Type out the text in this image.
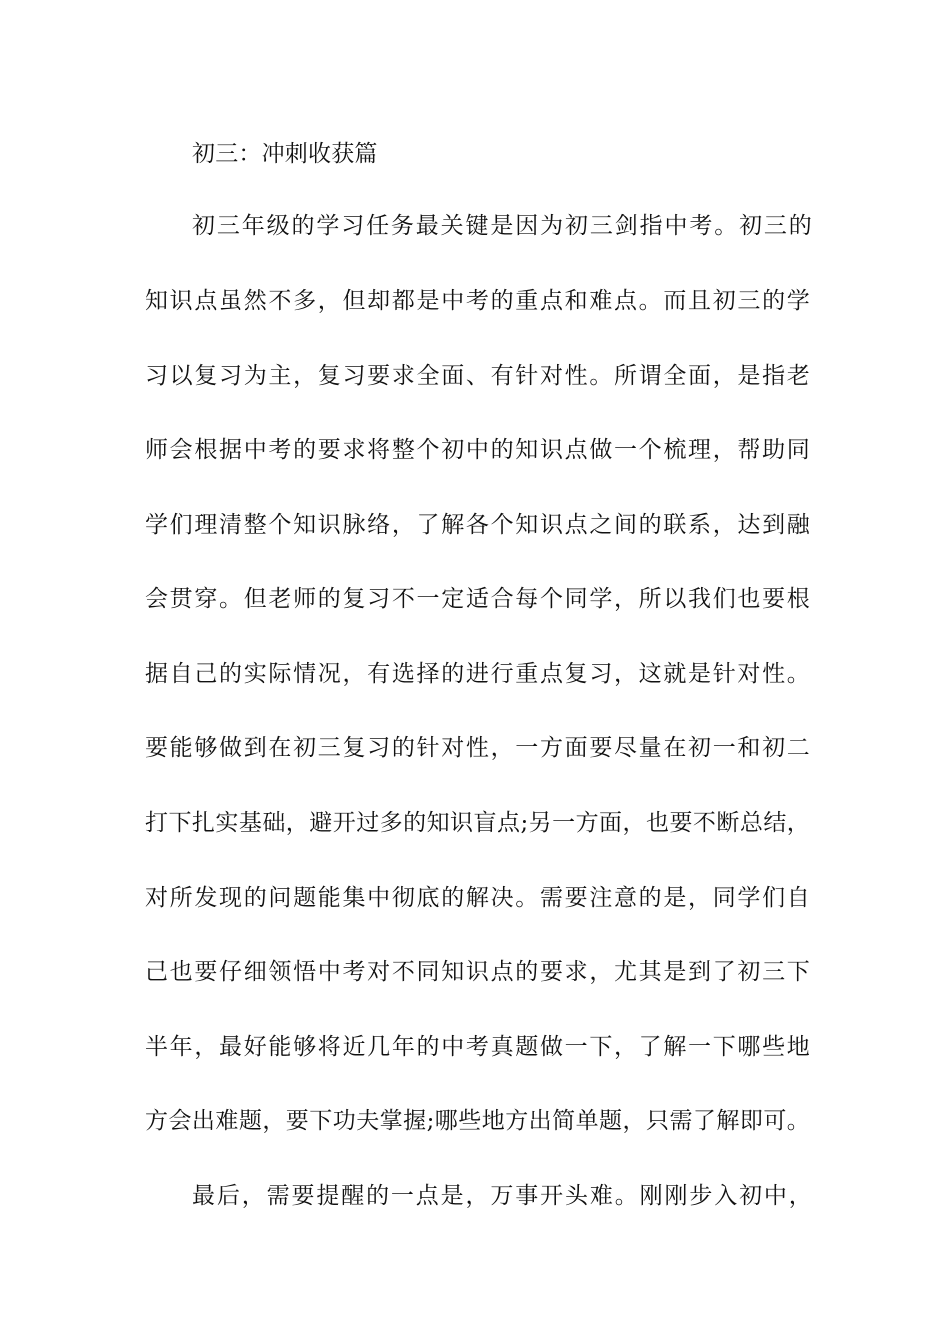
初三：冲刺收获篇
初三年级的学习任务最关键是因为初三剑指中考。初三的
知识点虽然不多，但却都是中考的重点和难点。而且初三的学
习以复习为主，复习要求全面、有针对性。所谓全面，是指老
师会根据中考的要求将整个初中的知识点做一个梳理，帮助同
学们理清整个知识脉络，了解各个知识点之间的联系，达到融
会贯穿。但老师的复习不一定适合每个同学，所以我们也要根
据自己的实际情况，有选择的进行重点复习，这就是针对性。
要能够做到在初三复习的针对性，一方面要尽量在初一和初二
打下扎实基础，避开过多的知识盲点;另一方面，也要不断总结，
对所发现的问题能集中彻底的解决。需要注意的是，同学们自
己也要仔细领悟中考对不同知识点的要求，尤其是到了初三下
半年，最好能够将近几年的中考真题做一下，了解一下哪些地
方会出难题，要下功夫掌握;哪些地方出简单题，只需了解即可。
最后，需要提醒的一点是，万事开头难。刚刚步入初中，
